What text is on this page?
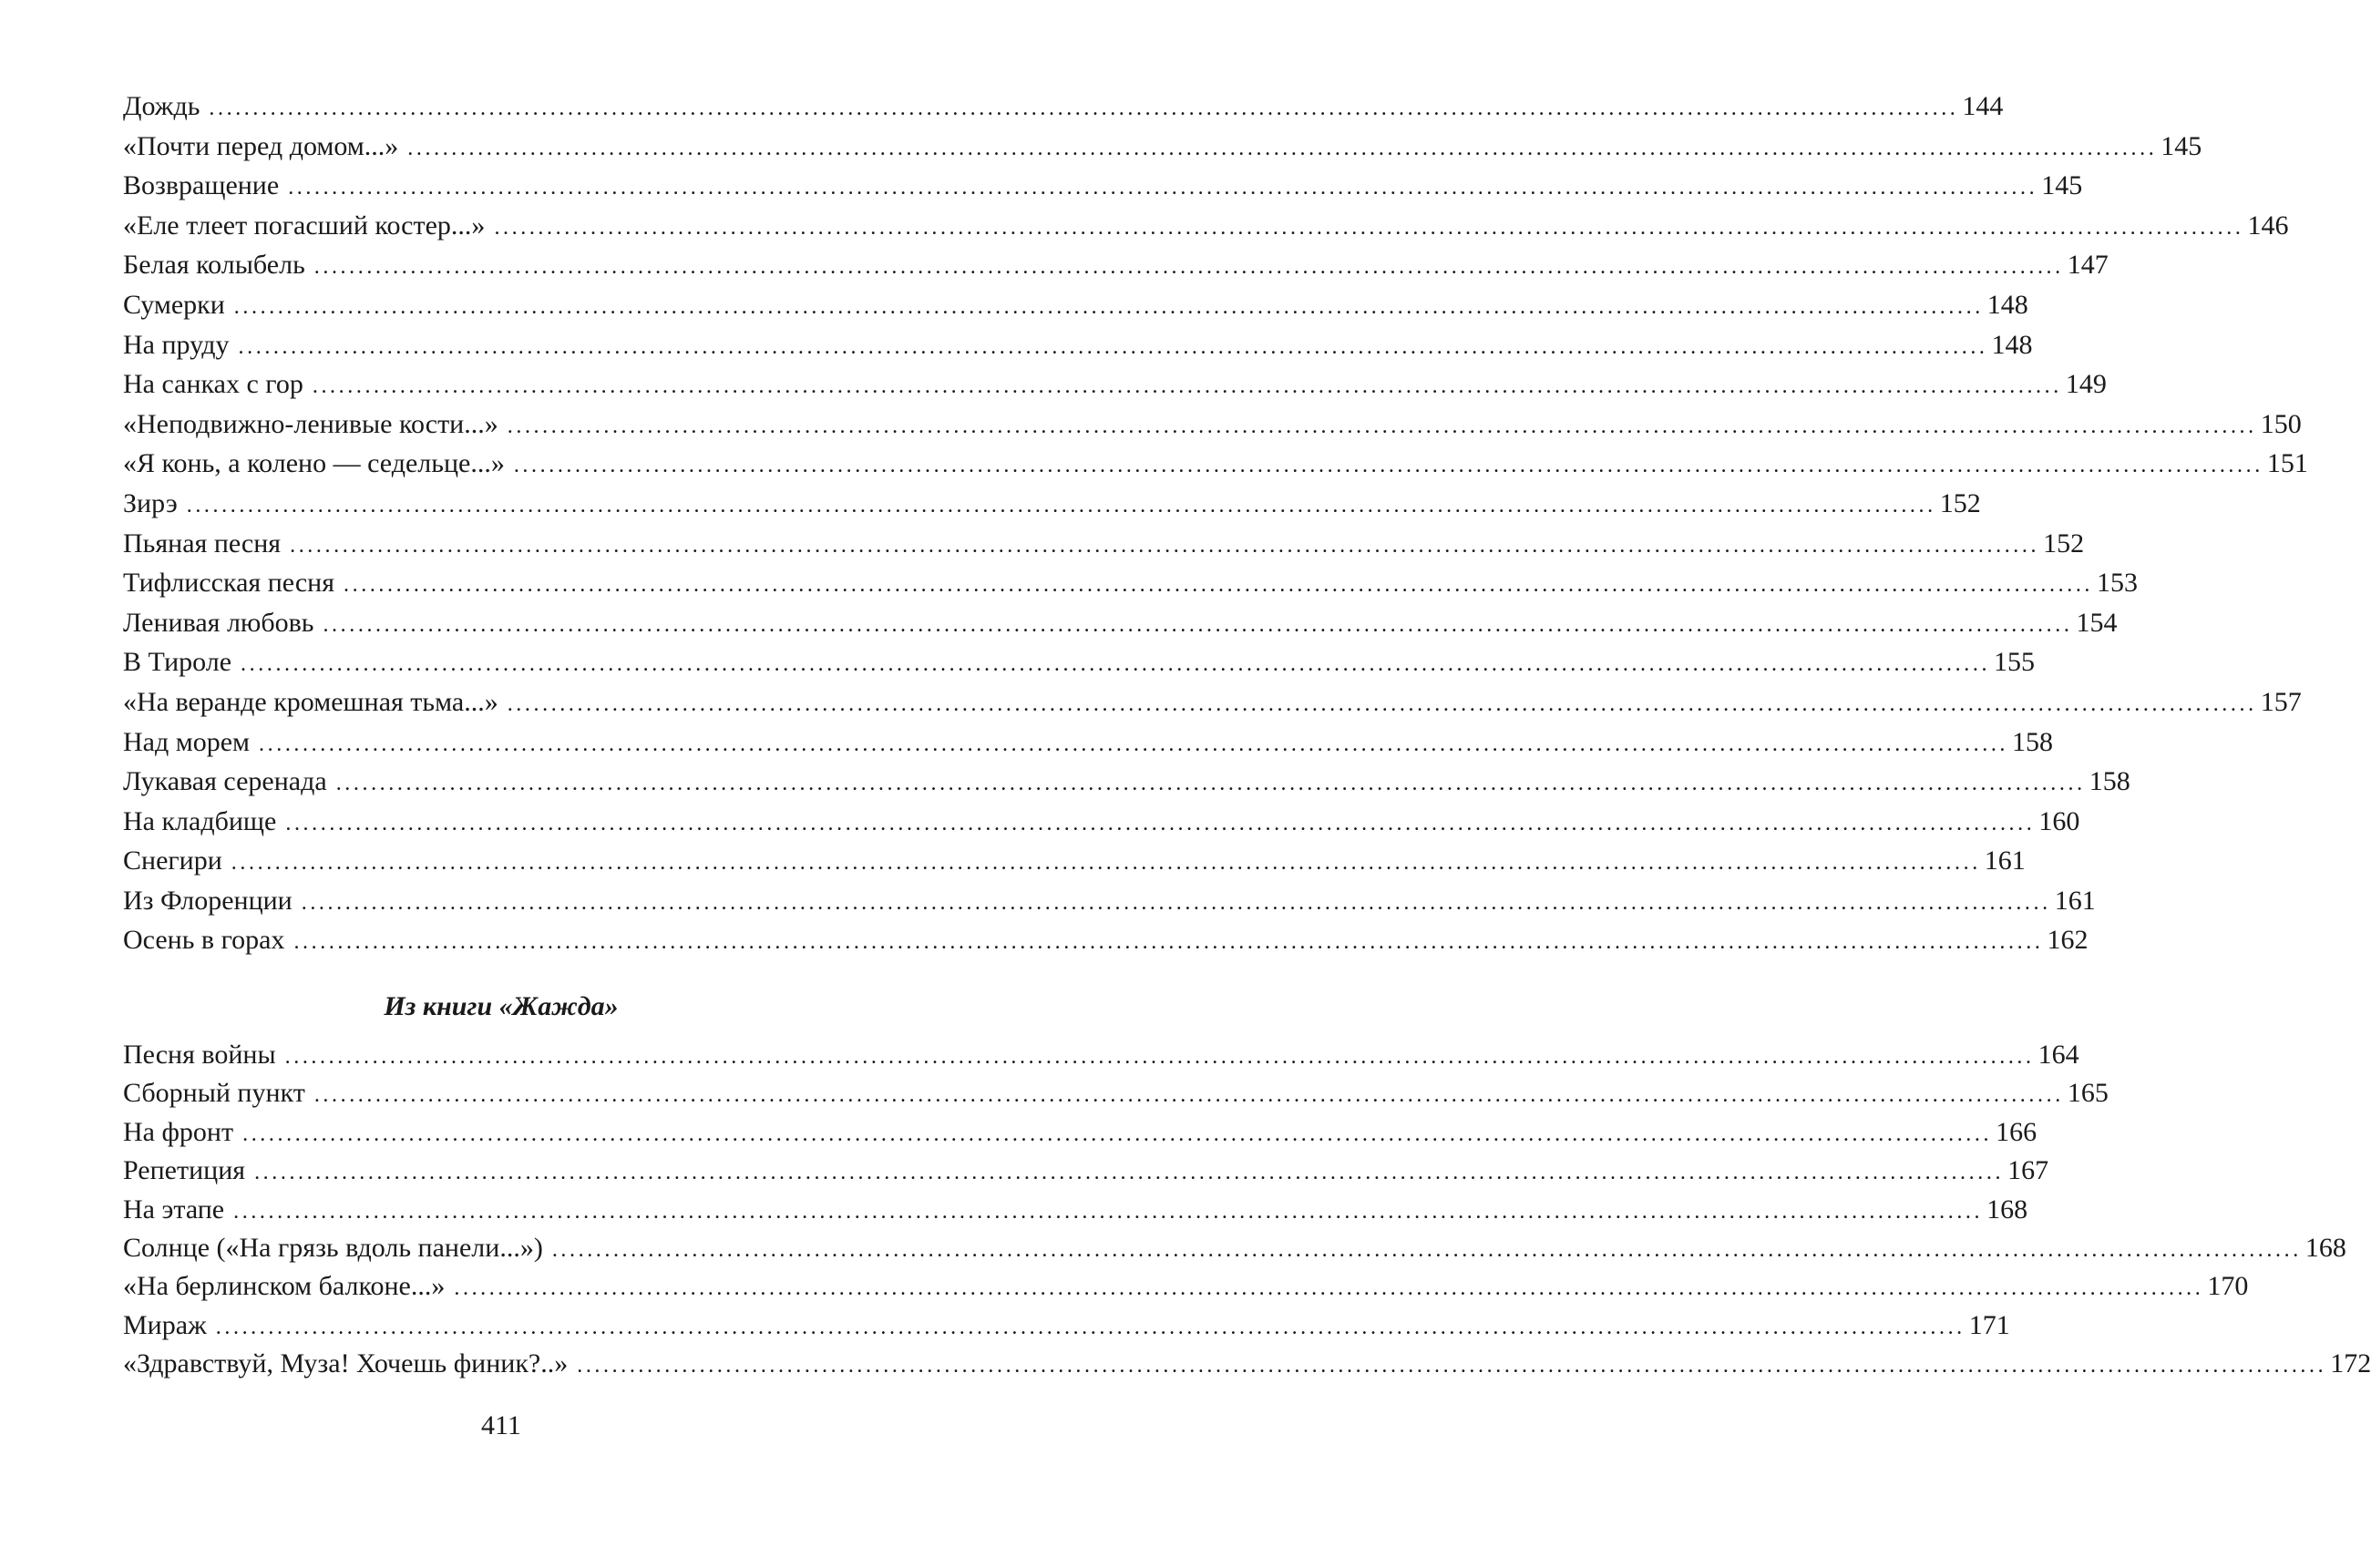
Дождь ........................................................................................................................................................................................................ 144
«Почти перед домом...» ........................................................................................................................................................................................................ 145
Возвращение ........................................................................................................................................................................................................ 145
«Еле тлеет погасший костер...» ........................................................................................................................................................................................................ 146
Белая колыбель ........................................................................................................................................................................................................ 147
Сумерки ........................................................................................................................................................................................................ 148
На пруду ........................................................................................................................................................................................................ 148
На санках с гор ........................................................................................................................................................................................................ 149
«Неподвижно-ленивые кости...» ........................................................................................................................................................................................................ 150
«Я конь, а колено — седельце...» ........................................................................................................................................................................................................ 151
Зирэ ........................................................................................................................................................................................................ 152
Пьяная песня ........................................................................................................................................................................................................ 152
Тифлисская песня ........................................................................................................................................................................................................ 153
Ленивая любовь ........................................................................................................................................................................................................ 154
В Тироле ........................................................................................................................................................................................................ 155
«На веранде кромешная тьма...» ........................................................................................................................................................................................................ 157
Над морем ........................................................................................................................................................................................................ 158
Лукавая серенада ........................................................................................................................................................................................................ 158
На кладбище ........................................................................................................................................................................................................ 160
Снегири ........................................................................................................................................................................................................ 161
Из Флоренции ........................................................................................................................................................................................................ 161
Осень в горах ........................................................................................................................................................................................................ 162
Из книги «Жажда»
Песня войны ........................................................................................................................................................................................................ 164
Сборный пункт ........................................................................................................................................................................................................ 165
На фронт ........................................................................................................................................................................................................ 166
Репетиция ........................................................................................................................................................................................................ 167
На этапе ........................................................................................................................................................................................................ 168
Солнце («На грязь вдоль панели...») ........................................................................................................................................................................................................ 168
«На берлинском балконе...» ........................................................................................................................................................................................................ 170
Мираж ........................................................................................................................................................................................................ 171
«Здравствуй, Муза! Хочешь финик?..» ........................................................................................................................................................................................................ 172
411
